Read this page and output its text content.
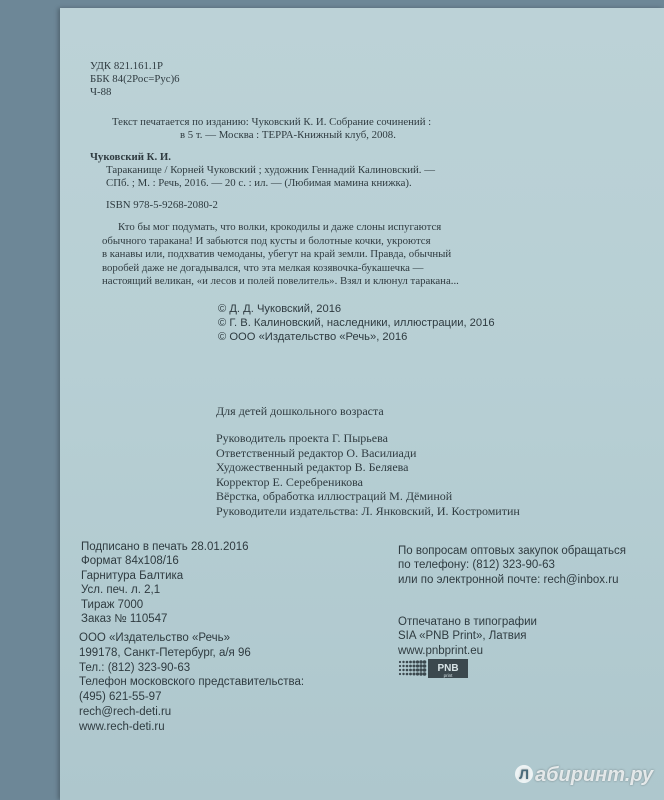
УДК 821.161.1Р
ББК 84(2Рос=Рус)6
Ч-88
Текст печатается по изданию: Чуковский К. И. Собрание сочинений :
в 5 т. — Москва : ТЕРРА-Книжный клуб, 2008.
Чуковский К. И.
Тараканище / Корней Чуковский ; художник Геннадий Калиновский. —
СПб. ; М. : Речь, 2016. — 20 с. : ил. — (Любимая мамина книжка).
ISBN 978-5-9268-2080-2
Кто бы мог подумать, что волки, крокодилы и даже слоны испугаются
обычного таракана! И забьются под кусты и болотные кочки, укроются
в канавы или, подхватив чемоданы, убегут на край земли. Правда, обычный
воробей даже не догадывался, что эта мелкая козявочка-букашечка —
настоящий великан, «и лесов и полей повелитель». Взял и клюнул таракана...
© Д. Д. Чуковский, 2016
© Г. В. Калиновский, наследники, иллюстрации, 2016
© ООО «Издательство «Речь», 2016
Для детей дошкольного возраста
Руководитель проекта Г. Пырьева
Ответственный редактор О. Василиади
Художественный редактор В. Беляева
Корректор Е. Серебреникова
Вёрстка, обработка иллюстраций М. Дёминой
Руководители издательства: Л. Янковский, И. Костромитин
Подписано в печать 28.01.2016
Формат 84х108/16
Гарнитура Балтика
Усл. печ. л. 2,1
Тираж 7000
Заказ № 110547
По вопросам оптовых закупок обращаться
по телефону: (812) 323-90-63
или по электронной почте: rech@inbox.ru
ООО «Издательство «Речь»
199178, Санкт-Петербург, а/я 96
Тел.: (812) 323-90-63
Телефон московского представительства:
(495) 621-55-97
rech@rech-deti.ru
www.rech-deti.ru
Отпечатано в типографии
SIA «PNB Print», Латвия
www.pnbprint.eu
PNB
print
Л абиринт.ру
